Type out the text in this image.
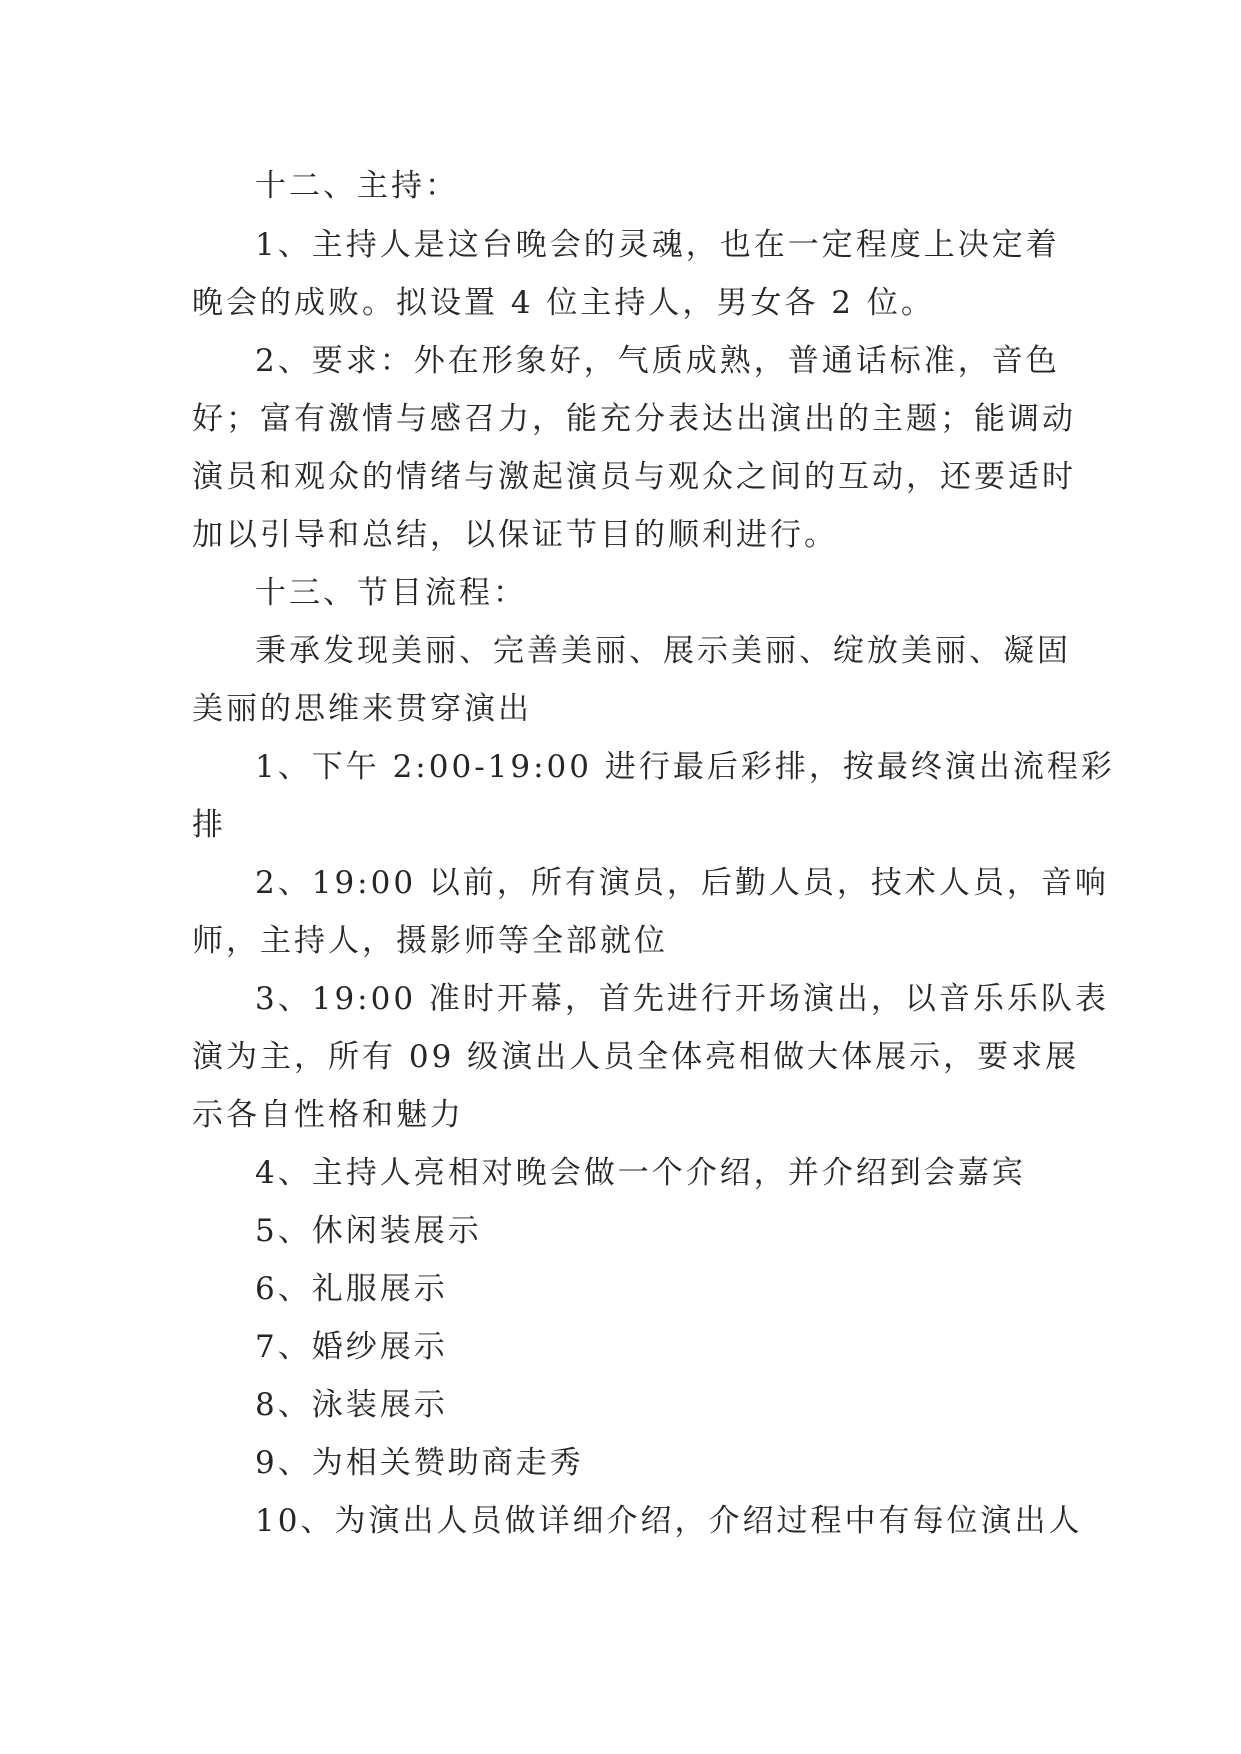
十二、主持：
1、主持人是这台晚会的灵魂，也在一定程度上决定着
晚会的成败。拟设置 4 位主持人，男女各 2 位。
2、要求：外在形象好，气质成熟，普通话标准，音色
好；富有激情与感召力，能充分表达出演出的主题；能调动
演员和观众的情绪与激起演员与观众之间的互动，还要适时
加以引导和总结，以保证节目的顺利进行。
十三、节目流程：
秉承发现美丽、完善美丽、展示美丽、绽放美丽、凝固
美丽的思维来贯穿演出
1、下午 2:00-19:00 进行最后彩排，按最终演出流程彩
排
2、19:00 以前，所有演员，后勤人员，技术人员，音响
师，主持人，摄影师等全部就位
3、19:00 准时开幕，首先进行开场演出，以音乐乐队表
演为主，所有 09 级演出人员全体亮相做大体展示，要求展
示各自性格和魅力
4、主持人亮相对晚会做一个介绍，并介绍到会嘉宾
5、休闲装展示
6、礼服展示
7、婚纱展示
8、泳装展示
9、为相关赞助商走秀
10、为演出人员做详细介绍，介绍过程中有每位演出人
